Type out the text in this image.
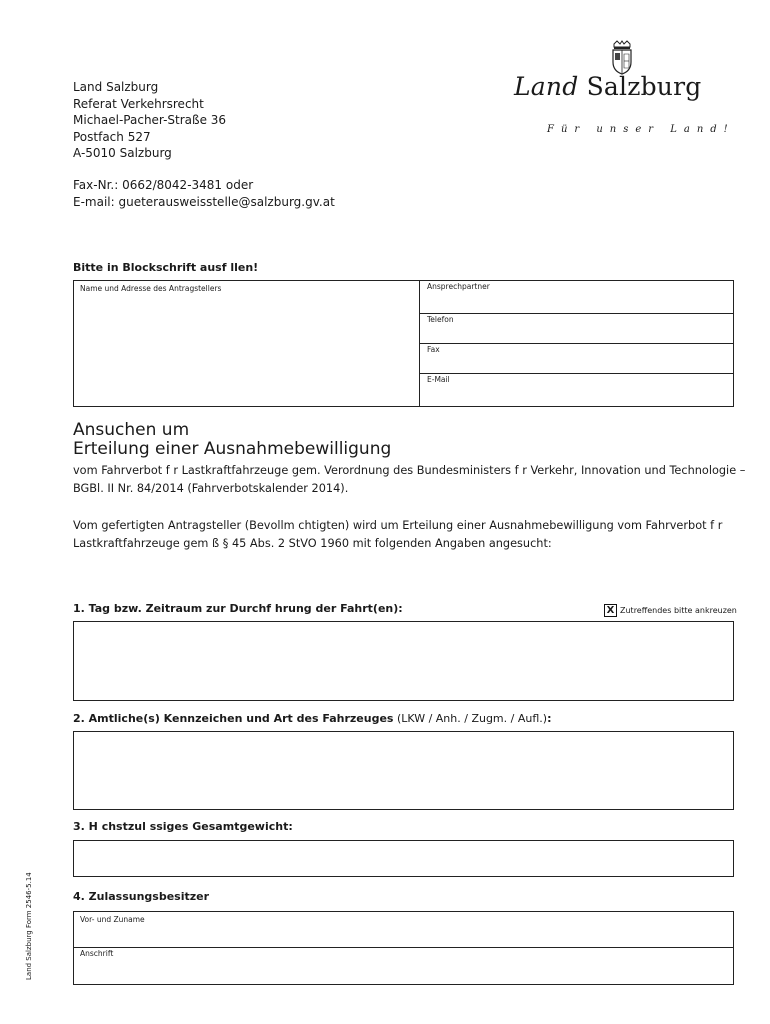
Land Salzburg
Referat Verkehrsrecht
Michael-Pacher-Straße 36
Postfach 527
A-5010 Salzburg
Fax-Nr.: 0662/8042-3481 oder
E-mail: gueterausweisstelle@salzburg.gv.at
Land Salzburg
Für unser Land!
Bitte in Blockschrift ausf llen!
Name und Adresse des Antragstellers	Ansprechpartner
Telefon
Fax
E-Mail
Ansuchen um
Erteilung einer Ausnahmebewilligung
vom Fahrverbot f r Lastkraftfahrzeuge gem. Verordnung des Bundesministers f r Verkehr, Innovation und Technologie –
BGBl. II Nr. 84/2014 (Fahrverbotskalender 2014).
Vom gefertigten Antragsteller (Bevollm chtigten) wird um Erteilung einer Ausnahmebewilligung vom Fahrverbot f r
Lastkraftfahrzeuge gem ß § 45 Abs. 2 StVO 1960 mit folgenden Angaben angesucht:
1. Tag bzw. Zeitraum zur Durchf hrung der Fahrt(en):	X Zutreffendes bitte ankreuzen
2. Amtliche(s) Kennzeichen und Art des Fahrzeuges (LKW / Anh. / Zugm. / Aufl.):
3. H chstzul ssiges Gesamtgewicht:
4. Zulassungsbesitzer
Vor- und Zuname
Anschrift
Land Salzburg Form 2546-5.14
